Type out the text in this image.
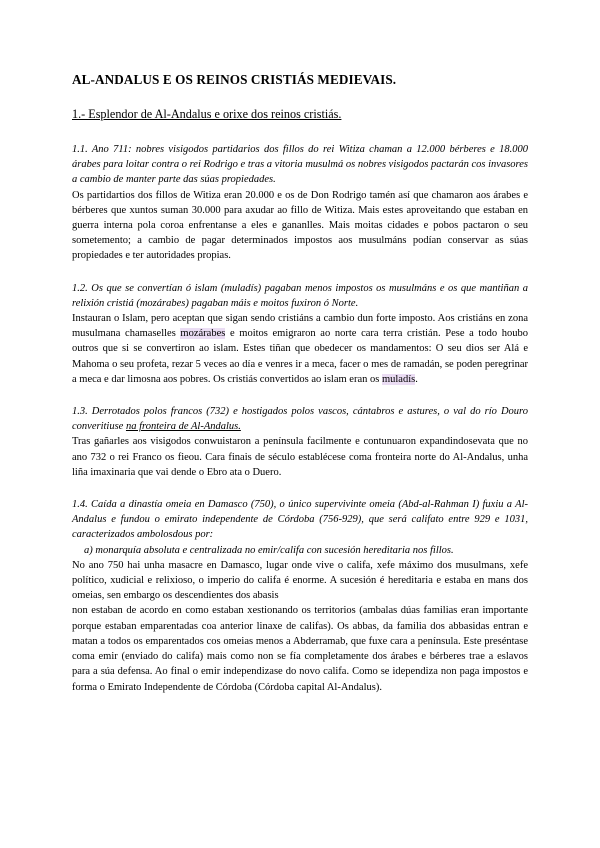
AL-ANDALUS E OS REINOS CRISTIÁS MEDIEVAIS.
1.- Esplendor de Al-Andalus e orixe dos reinos cristiás.

1.1. Ano 711: nobres visigodos partidarios dos fillos do rei Witiza chaman a 12.000 bérberes e 18.000 árabes para loitar contra o rei Rodrigo e tras a vitoria musulmá os nobres visigodos pactarán cos invasores a cambio de manter parte das súas propiedades.

Os partidartios dos fillos de Witiza eran 20.000 e os de Don Rodrigo tamén así que chamaron aos árabes e bérberes que xuntos suman 30.000 para axudar ao fillo de Witiza. Mais estes aproveitando que estaban en guerra interna pola coroa enfrentanse a eles e gananlles. Mais moitas cidades e pobos pactaron o seu sometemento; a cambio de pagar determinados impostos aos musulmáns podían conservar as súas propiedades e ter autoridades propias.

1.2. Os que se convertían ó islam (muladís) pagaban menos impostos os musulmáns e os que mantiñan a relixión cristiá (mozárabes) pagaban máis e moitos fuxiron ó Norte.

Instauran o Islam, pero aceptan que sigan sendo cristiáns a cambio dun forte imposto. Aos cristiáns en zona musulmana chamaselles mozárabes e moitos emigraron ao norte cara terra cristián. Pese a todo houbo outros que si se convertiron ao islam. Estes tiñan que obedecer os mandamentos: O seu dios ser Alá e Mahoma o seu profeta, rezar 5 veces ao día e venres ir a meca, facer o mes de ramadán, se poden peregrinar a meca e dar limosna aos pobres. Os cristiás convertidos ao islam eran os muladís.

1.3. Derrotados polos francos (732) e hostigados polos vascos, cántabros e astures, o val do río Douro converitiuse na fronteira de Al-Andalus.

Tras gañarles aos visigodos conwuistaron a península facilmente e contunuaron expandindosevata que no ano 732 o rei Franco os fieou. Cara finais de século establécese coma fronteira norte do Al-Andalus, unha liña imaxinaria que vai dende o Ebro ata o Duero.

1.4. Caída a dinastía omeia en Damasco (750), o único supervivinte omeia (Abd-al-Rahman I) fuxiu a Al-Andalus e fundou o emirato independente de Córdoba (756-929), que será califato entre 929 e 1031, caracterizados ambolosdous por:

a) monarquía absoluta e centralizada no emir/califa con sucesión hereditaria nos fillos.

No ano 750 hai unha masacre en Damasco, lugar onde vive o califa, xefe máximo dos musulmans, xefe político, xudicial e relixioso, o imperio do califa é enorme. A sucesión é hereditaria e estaba en mans dos omeias, sen embargo os descendientes dos abasis

non estaban de acordo en como estaban xestionando os territorios (ambalas dúas familias eran importante porque estaban emparentadas coa anterior linaxe de califas). Os abbas, da familia dos abbasidas entran e matan a todos os emparentados cos omeias menos a Abderramab, que fuxe cara a península. Este preséntase coma emir (enviado do califa) mais como non se fía completamente dos árabes e bérberes trae a eslavos para a súa defensa. Ao final o emir independizase do novo califa. Como se idependiza non paga impostos e forma o Emirato Independente de Córdoba (Córdoba capital Al-Andalus).
